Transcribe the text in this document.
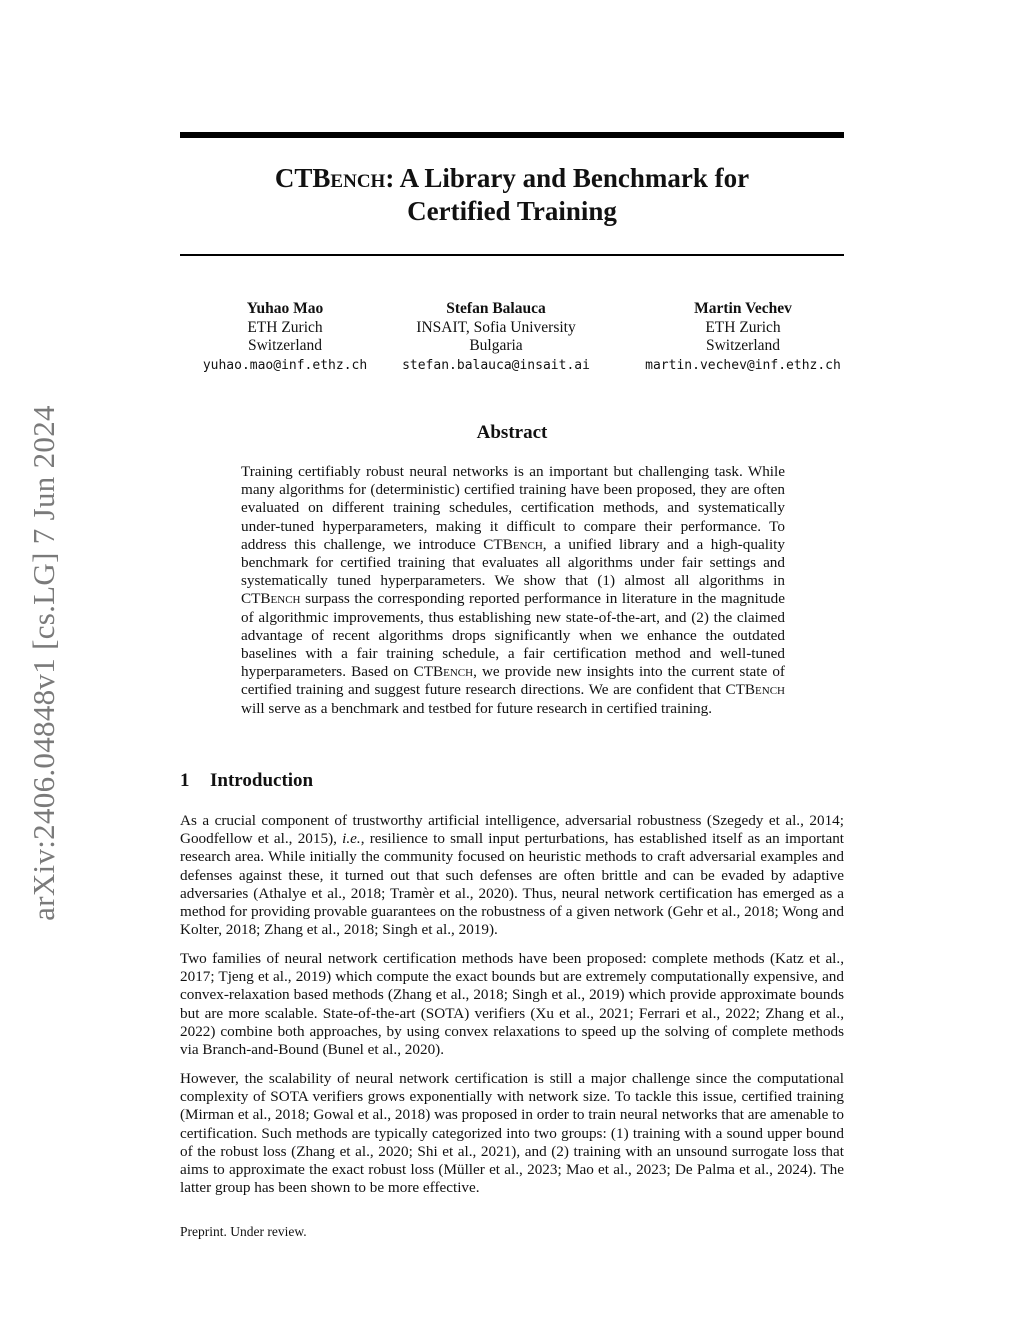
arXiv:2406.04848v1 [cs.LG] 7 Jun 2024
CTBench: A Library and Benchmark for
Certified Training
Yuhao Mao
ETH Zurich
Switzerland
yuhao.mao@inf.ethz.ch
Stefan Balauca
INSAIT, Sofia University
Bulgaria
stefan.balauca@insait.ai
Martin Vechev
ETH Zurich
Switzerland
martin.vechev@inf.ethz.ch
Abstract

Training certifiably robust neural networks is an important but challenging task. While many algorithms for (deterministic) certified training have been proposed, they are often evaluated on different training schedules, certification methods, and systematically under-tuned hyperparameters, making it difficult to compare their performance. To address this challenge, we introduce CTBench, a unified library and a high-quality benchmark for certified training that evaluates all algorithms under fair settings and systematically tuned hyperparameters. We show that (1) almost all algorithms in CTBench surpass the corresponding reported performance in literature in the magnitude of algorithmic improvements, thus establishing new state-of-the-art, and (2) the claimed advantage of recent algorithms drops significantly when we enhance the outdated baselines with a fair training schedule, a fair certification method and well-tuned hyperparameters. Based on CTBench, we provide new insights into the current state of certified training and suggest future research directions. We are confident that CTBench will serve as a benchmark and testbed for future research in certified training.

1 Introduction

As a crucial component of trustworthy artificial intelligence, adversarial robustness (Szegedy et al., 2014; Goodfellow et al., 2015), i.e., resilience to small input perturbations, has established itself as an important research area. While initially the community focused on heuristic methods to craft adversarial examples and defenses against these, it turned out that such defenses are often brittle and can be evaded by adaptive adversaries (Athalye et al., 2018; Tramèr et al., 2020). Thus, neural network certification has emerged as a method for providing provable guarantees on the robustness of a given network (Gehr et al., 2018; Wong and Kolter, 2018; Zhang et al., 2018; Singh et al., 2019).

Two families of neural network certification methods have been proposed: complete methods (Katz et al., 2017; Tjeng et al., 2019) which compute the exact bounds but are extremely computationally expensive, and convex-relaxation based methods (Zhang et al., 2018; Singh et al., 2019) which provide approximate bounds but are more scalable. State-of-the-art (SOTA) verifiers (Xu et al., 2021; Ferrari et al., 2022; Zhang et al., 2022) combine both approaches, by using convex relaxations to speed up the solving of complete methods via Branch-and-Bound (Bunel et al., 2020).

However, the scalability of neural network certification is still a major challenge since the computational complexity of SOTA verifiers grows exponentially with network size. To tackle this issue, certified training (Mirman et al., 2018; Gowal et al., 2018) was proposed in order to train neural networks that are amenable to certification. Such methods are typically categorized into two groups: (1) training with a sound upper bound of the robust loss (Zhang et al., 2020; Shi et al., 2021), and (2) training with an unsound surrogate loss that aims to approximate the exact robust loss (Müller et al., 2023; Mao et al., 2023; De Palma et al., 2024). The latter group has been shown to be more effective.

Preprint. Under review.
